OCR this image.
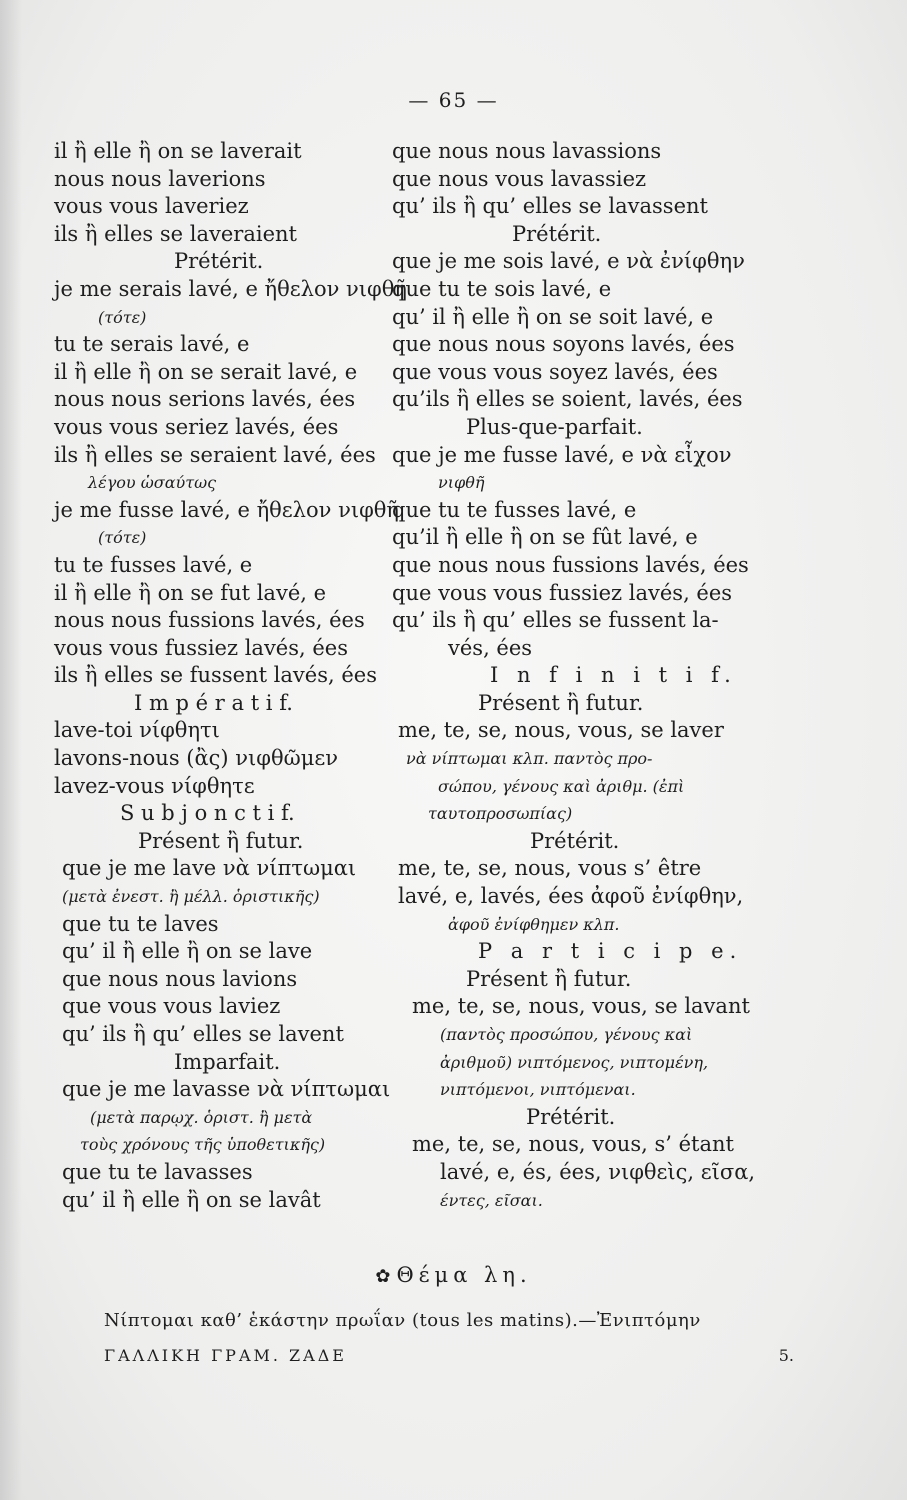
— 65 —
il ἢ elle ἢ on se laverait
nous nous laverions
vous vous laveriez
ils ἢ elles se laveraient
Prétérit.
je me serais lavé, e ἤθελον νιφθῆ
(τότε)
tu te serais lavé, e
il ἢ elle ἢ on se serait lavé, e
nous nous serions lavés, ées
vous vous seriez lavés, ées
ils ἢ elles se seraient lavé, ées
λέγου ὡσαύτως
je me fusse lavé, e ἤθελον νιφθῆ
(τότε)
tu te fusses lavé, e
il ἢ elle ἢ on se fut lavé, e
nous nous fussions lavés, ées
vous vous fussiez lavés, ées
ils ἢ elles se fussent lavés, ées
I m p é r a t i f.
lave-toi νίφθητι
lavons-nous (ἂς) νιφθῶμεν
lavez-vous νίφθητε
S u b j o n c t i f.
Présent ἢ futur.
que je me lave νὰ νίπτωμαι
(μετὰ ἐνεστ. ἢ μέλλ. ὁριστικῆς)
que tu te laves
qu’ il ἢ elle ἢ on se lave
que nous nous lavions
que vous vous laviez
qu’ ils ἢ qu’ elles se lavent
Imparfait.
que je me lavasse νὰ νίπτωμαι
(μετὰ παρῳχ. ὁριστ. ἢ μετὰ
τοὺς χρόνους τῆς ὑποθετικῆς)
que tu te lavasses
qu’ il ἢ elle ἢ on se lavât
que nous nous lavassions
que nous vous lavassiez
qu’ ils ἢ qu’ elles se lavassent
Prétérit.
que je me sois lavé, e νὰ ἐνίφθην
que tu te sois lavé, e
qu’ il ἢ elle ἢ on se soit lavé, e
que nous nous soyons lavés, ées
que vous vous soyez lavés, ées
qu’ils ἢ elles se soient, lavés, ées
Plus-que-parfait.
que je me fusse lavé, e νὰ εἶχον
νιφθῆ
que tu te fusses lavé, e
qu’il ἢ elle ἢ on se fût lavé, e
que nous nous fussions lavés, ées
que vous vous fussiez lavés, ées
qu’ ils ἢ qu’ elles se fussent la-
vés, ées
I n f i n i t i f.
Présent ἢ futur.
me, te, se, nous, vous, se laver
νὰ νίπτωμαι κλπ. παντὸς προ-
σώπου, γένους καὶ ἀριθμ. (ἐπὶ
ταυτοπροσωπίας)
Prétérit.
me, te, se, nous, vous s’ être
lavé, e, lavés, ées ἀφοῦ ἐνίφθην,
ἀφοῦ ἐνίφθημεν κλπ.
P a r t i c i p e.
Présent ἢ futur.
me, te, se, nous, vous, se lavant
(παντὸς προσώπου, γένους καὶ
ἀριθμοῦ) νιπτόμενος, νιπτομένη,
νιπτόμενοι, νιπτόμεναι.
Prétérit.
me, te, se, nous, vous, s’ étant
lavé, e, és, ées, νιφθεὶς, εῖσα,
έντες, εῖσαι.
✿ Θέμα λη.
Νίπτομαι καθ’ ἑκάστην πρωΐαν (tous les matins).—Ἐνιπτόμην
ΓΑΛΛΙΚΗ ΓΡΑΜ. ΖΑΔΕ	5.
